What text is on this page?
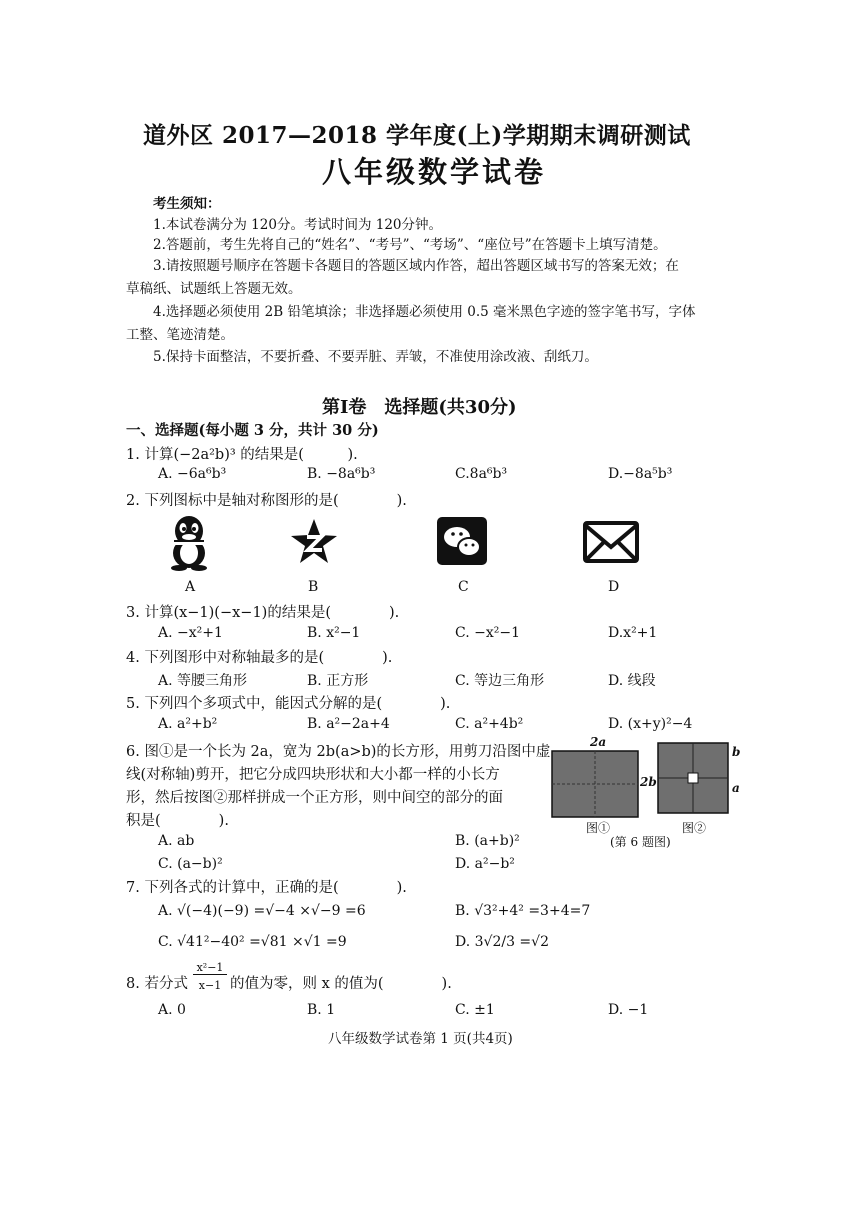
道外区 2017—2018 学年度(上)学期期末调研测试
八年级数学试卷
考生须知：
1.本试卷满分为 120分。考试时间为 120分钟。
2.答题前，考生先将自己的“姓名”、“考号”、“考场”、“座位号”在答题卡上填写清楚。
3.请按照题号顺序在答题卡各题目的答题区域内作答，超出答题区域书写的答案无效；在
草稿纸、试题纸上答题无效。
4.选择题必须使用 2B 铅笔填涂；非选择题必须使用 0.5 毫米黑色字迹的签字笔书写，字体
工整、笔迹清楚。
5.保持卡面整洁，不要折叠、不要弄脏、弄皱，不准使用涂改液、刮纸刀。
第Ⅰ卷　选择题(共30分)
一、选择题(每小题 3 分，共计 30 分)
1. 计算(−2a²b)³ 的结果是(　　　).
A. −6a⁶b³	B. −8a⁶b³	C.8a⁶b³	D.−8a⁵b³
2. 下列图标中是轴对称图形的是(　　　　).
A	B	C	D
3. 计算(x−1)(−x−1)的结果是(　　　　).
A. −x²+1	B. x²−1	C. −x²−1	D.x²+1
4. 下列图形中对称轴最多的是(　　　　).
A. 等腰三角形	B. 正方形	C. 等边三角形	D. 线段
5. 下列四个多项式中，能因式分解的是(　　　　).
A. a²+b²	B. a²−2a+4	C. a²+4b²	D. (x+y)²−4
6. 图①是一个长为 2a，宽为 2b(a>b)的长方形，用剪刀沿图中虚
线(对称轴)剪开，把它分成四块形状和大小都一样的小长方
形，然后按图②那样拼成一个正方形，则中间空的部分的面
积是(　　　　).
A. ab	B. (a+b)²
C. (a−b)²	D. a²−b²
2a
2b
b
a
图①	图②
(第 6 题图)
7. 下列各式的计算中，正确的是(　　　　).
A. √(−4)(−9) =√−4 ×√−9 =6	B. √3²+4² =3+4=7
C. √41²−40² =√81 ×√1 =9	D. 3√2/3 =√2
8. 若分式
x²−1
x−1 的值为零，则 x 的值为(　　　　).
A. 0	B. 1	C. ±1	D. −1
八年级数学试卷第 1 页(共4页)
